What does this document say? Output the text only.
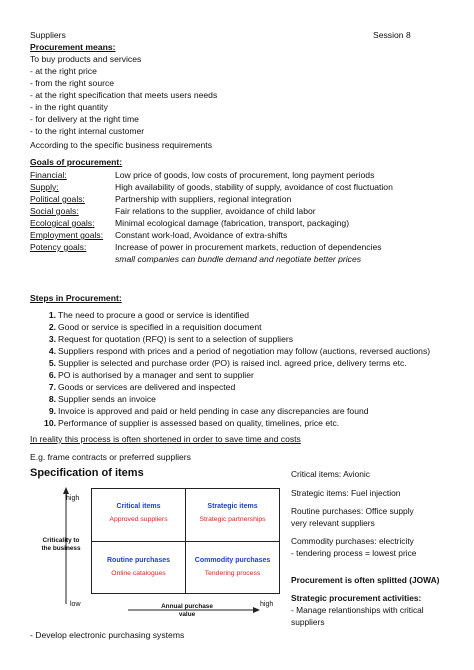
Suppliers	Session 8
Procurement means:
To buy products and services
- at the right price
- from the right source
- at the right specification that meets users needs
- in the right quantity
- for delivery at the right time
- to the right internal customer
According to the specific business requirements
Goals of procurement:
Financial:	Low price of goods, low costs of procurement, long payment periods
Supply:	High availability of goods, stability of supply, avoidance of cost fluctuation
Political goals:	Partnership with suppliers, regional integration
Social goals:	Fair relations to the supplier, avoidance of child labor
Ecological goals: Minimal ecological damage (fabrication, transport, packaging)
Employment goals: Constant work-load, Avoidance of extra-shifts
Potency goals:	Increase of power in procurement markets, reduction of dependencies
small companies can bundle demand and negotiate better prices
Steps in Procurement:
1. The need to procure a good or service is identified
2. Good or service is specified in a requisition document
3. Request for quotation (RFQ) is sent to a selection of suppliers
4. Suppliers respond with prices and a period of negotiation may follow (auctions, reversed auctions)
5. Supplier is selected and purchase order (PO) is raised incl. agreed price, delivery terms etc.
6. PO is authorised by a manager and sent to supplier
7. Goods or services are delivered and inspected
8. Supplier sends an invoice
9. Invoice is approved and paid or held pending in case any discrepancies are found
10. Performance of supplier is assessed based on quality, timelines, price etc.
In reality this process is often shortened in order to save time and costs
E.g. frame contracts or preferred suppliers
Specification of items
high
Criticality to
the business
low	high
Annual purchase
value
Critical items
Approved suppliers
Strategic items
Strategic partnerships
Routine purchases
Online catalogues
Commodity purchases
Tendering process
- Develop electronic purchasing systems
Critical items: Avionic
Strategic items: Fuel injection
Routine purchases: Office supply
very relevant suppliers
Commodity purchases: electricity
- tendering process = lowest price
Procurement is often splitted (JOWA)
Strategic procurement activities:
- Manage relantionships with critical
suppliers
